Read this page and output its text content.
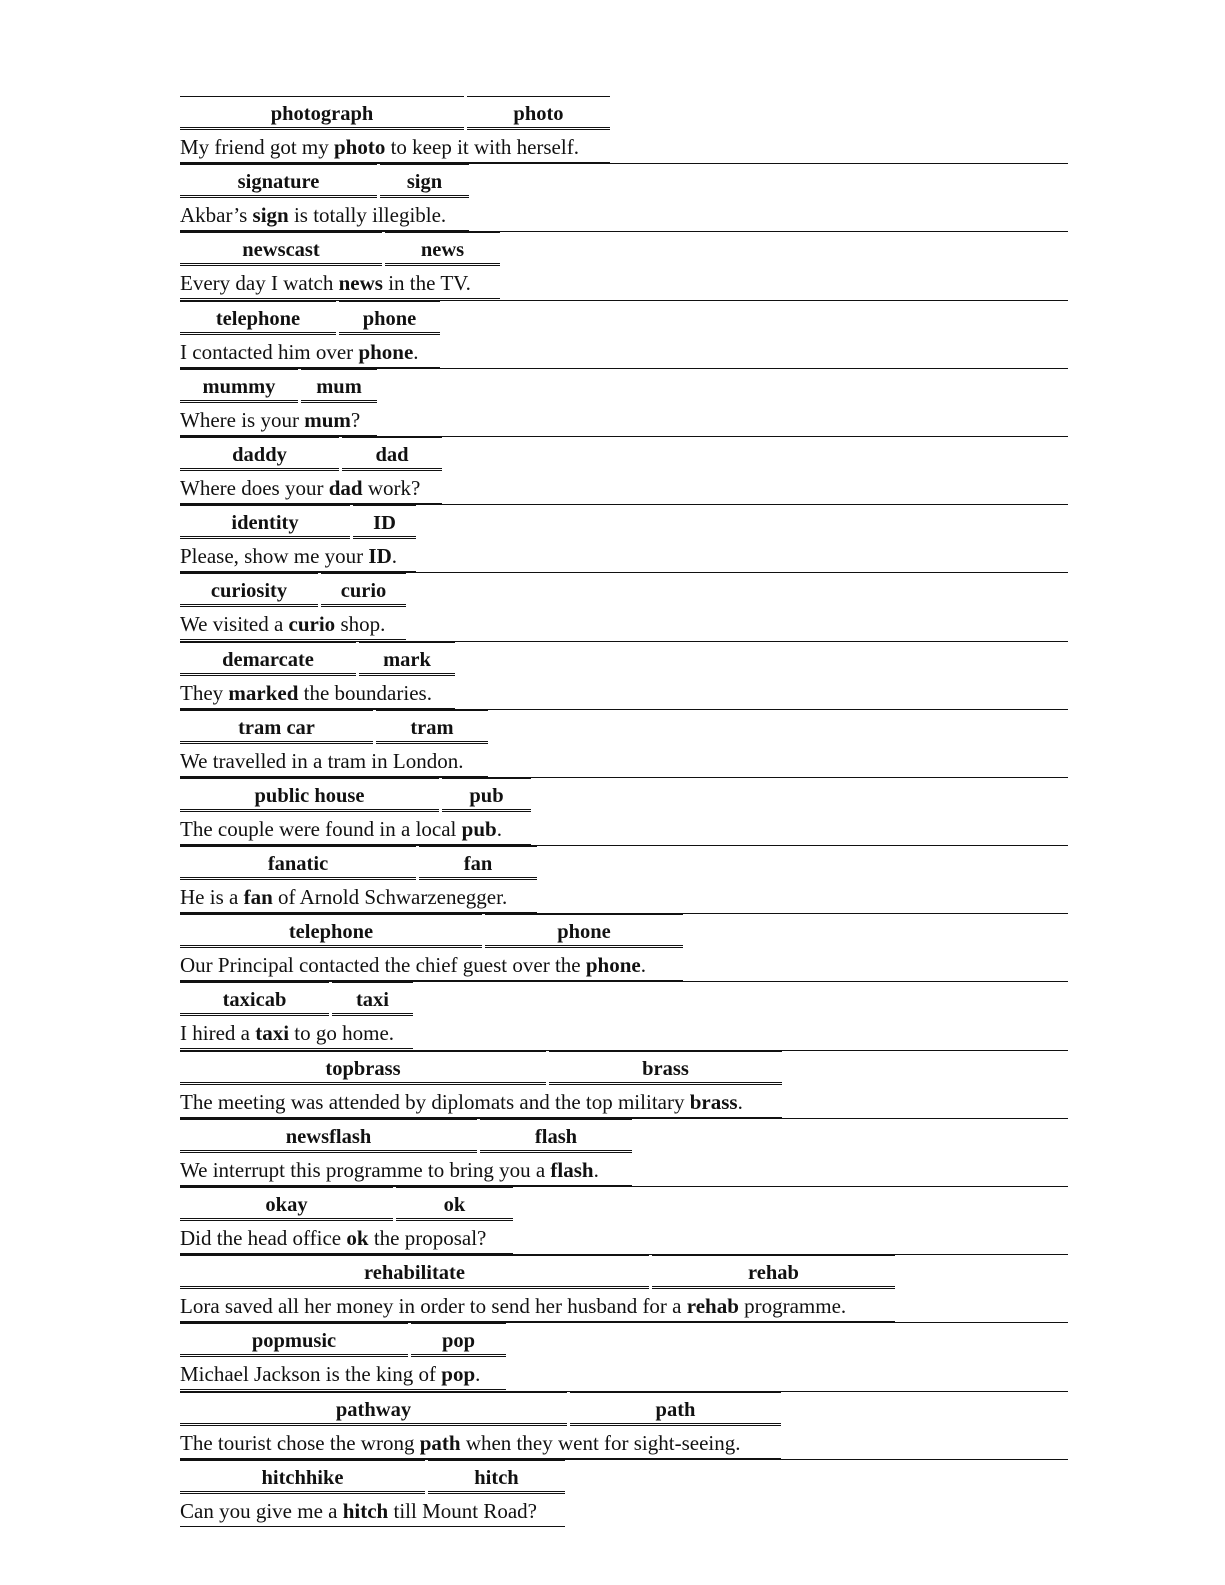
photograph	photo
My friend got my photo to keep it with herself.
signature	sign
Akbar’s sign is totally illegible.
newscast	news
Every day I watch news in the TV.
telephone	phone
I contacted him over phone.
mummy	mum
Where is your mum?
daddy	dad
Where does your dad work?
identity	ID
Please, show me your ID.
curiosity	curio
We visited a curio shop.
demarcate	mark
They marked the boundaries.
tram car	tram
We travelled in a tram in London.
public house	pub
The couple were found in a local pub.
fanatic	fan
He is a fan of Arnold Schwarzenegger.
telephone	phone
Our Principal contacted the chief guest over the phone.
taxicab	taxi
I hired a taxi to go home.
topbrass	brass
The meeting was attended by diplomats and the top military brass.
newsflash	flash
We interrupt this programme to bring you a flash.
okay	ok
Did the head office ok the proposal?
rehabilitate	rehab
Lora saved all her money in order to send her husband for a rehab programme.
popmusic	pop
Michael Jackson is the king of pop.
pathway	path
The tourist chose the wrong path when they went for sight-seeing.
hitchhike	hitch
Can you give me a hitch till Mount Road?
